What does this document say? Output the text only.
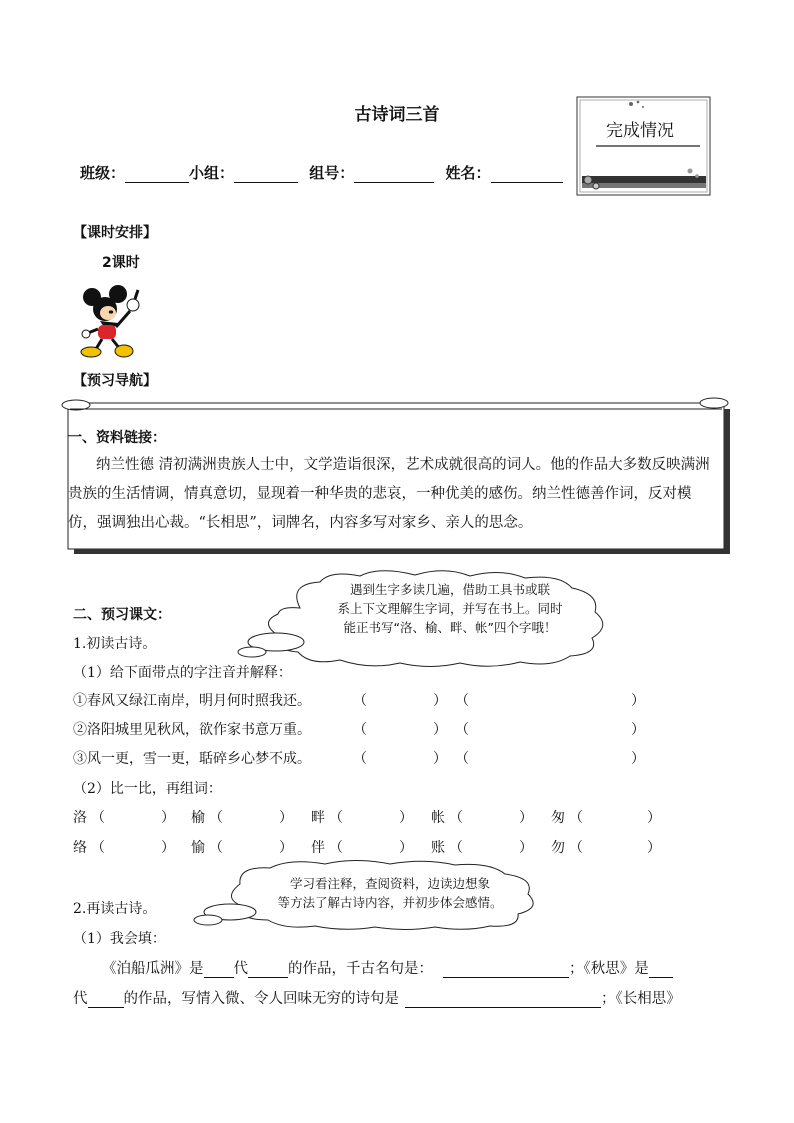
古诗词三首
班级：	小组：	组号：	姓名：
完成情况
【课时安排】
2课时
【预习导航】
一、资料链接：
纳兰性德 清初满洲贵族人士中，文学造诣很深，艺术成就很高的词人。他的作品大多数反映满洲贵族的生活情调，情真意切，显现着一种华贵的悲哀，一种优美的感伤。纳兰性德善作词，反对模仿，强调独出心裁。“长相思”，词牌名，内容多写对家乡、亲人的思念。
遇到生字多读几遍，借助工具书或联
系上下文理解生字词，并写在书上。同时
能正书写“洛、榆、畔、帐”四个字哦！
二、预习课文：
1.初读古诗。
（1）给下面带点的字注音并解释：
①春风又绿江南岸，明月何时照我还。	（	） （	）
②洛阳城里见秋风，欲作家书意万重。	（	） （	）
③风一更，雪一更，聒碎乡心梦不成。	（	） （	）
（2）比一比，再组词：
洛 （	） 榆 （	） 畔 （	） 帐 （	） 匆 （	）
络 （	） 愉 （	） 伴 （	） 账 （	） 勿 （	）
学习看注释，查阅资料，边读边想象
等方法了解古诗内容，并初步体会感情。
2.再读古诗。
（1）我会填：
《泊船瓜洲》是 代	的作品，千古名句是：	；《秋思》是
代 的作品，写情入微、令人回味无穷的诗句是	；《长相思》
